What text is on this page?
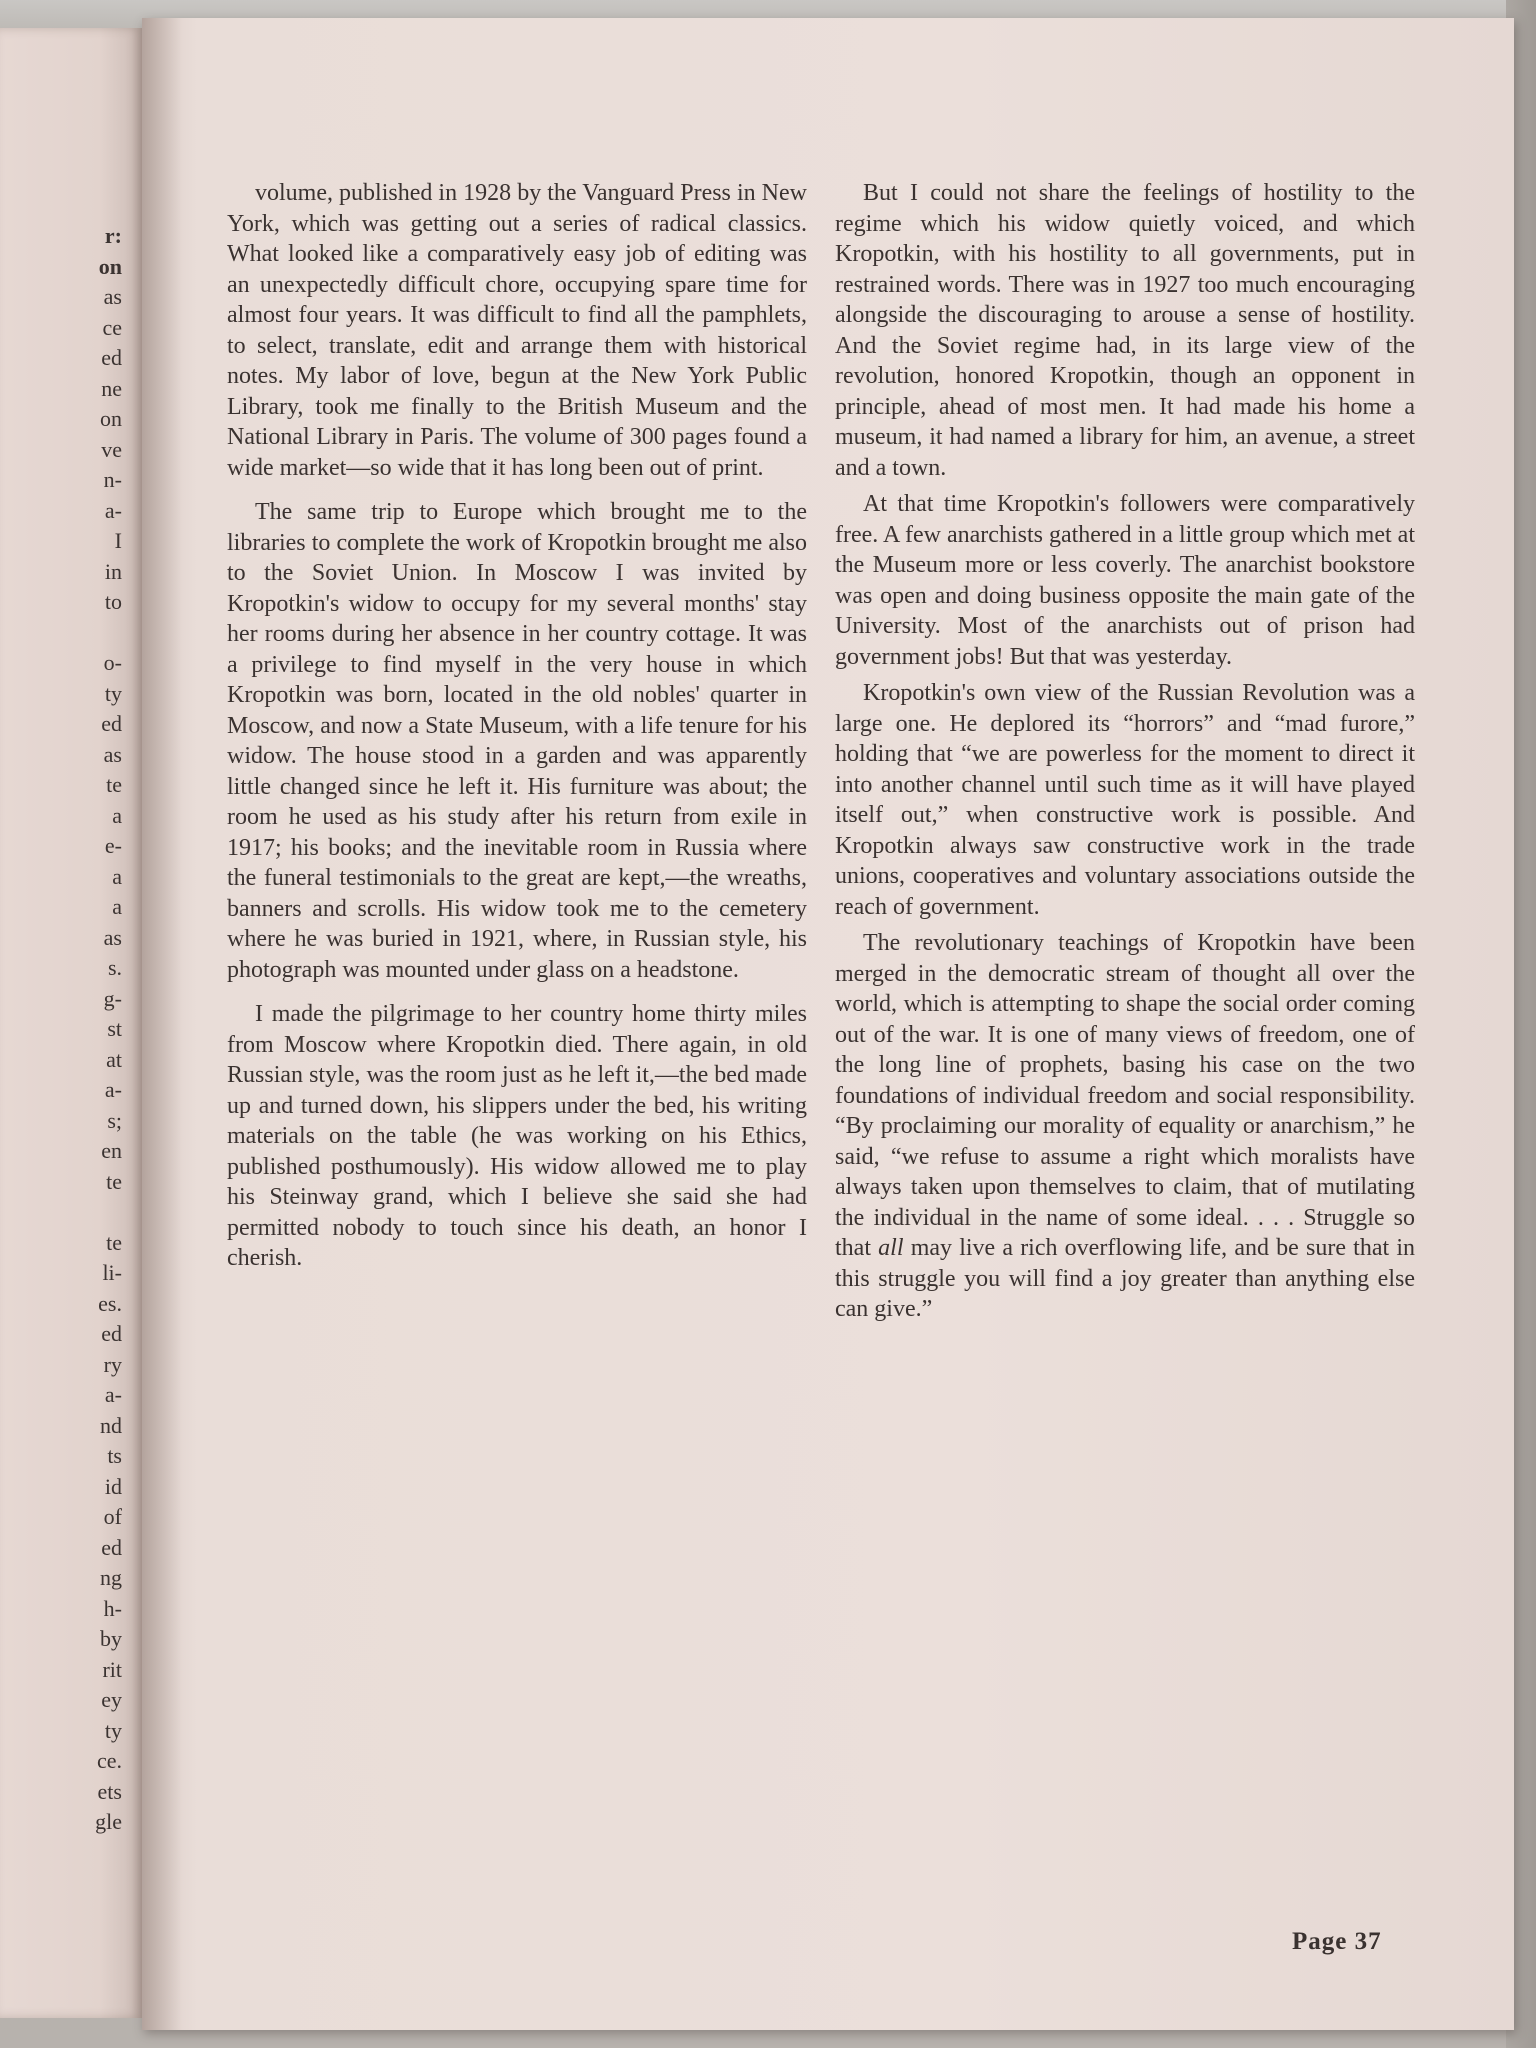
r:
on
as
ce
ed
ne
on
ve
n-
a-
I
in
to
o-
ty
ed
as
te
a
e-
a
a
as
s.
g-
st
at
a-
s;
en
te
te
li-
es.
ed
ry
a-
nd
ts
id
of
ed
ng
h-
by
rit
ey
ty
ce.
ets
gle

volume, published in 1928 by the Vanguard Press in New York, which was getting out a series of radical classics. What looked like a comparatively easy job of editing was an unexpectedly difficult chore, occupying spare time for almost four years. It was difficult to find all the pamphlets, to select, translate, edit and arrange them with historical notes. My labor of love, begun at the New York Public Library, took me finally to the British Museum and the National Library in Paris. The volume of 300 pages found a wide market—so wide that it has long been out of print.

The same trip to Europe which brought me to the libraries to complete the work of Kropotkin brought me also to the Soviet Union. In Moscow I was invited by Kropotkin's widow to occupy for my several months' stay her rooms during her absence in her country cottage. It was a privilege to find myself in the very house in which Kropotkin was born, located in the old nobles' quarter in Moscow, and now a State Museum, with a life tenure for his widow. The house stood in a garden and was apparently little changed since he left it. His furniture was about; the room he used as his study after his return from exile in 1917; his books; and the inevitable room in Russia where the funeral testimonials to the great are kept,—the wreaths, banners and scrolls. His widow took me to the cemetery where he was buried in 1921, where, in Russian style, his photograph was mounted under glass on a headstone.

I made the pilgrimage to her country home thirty miles from Moscow where Kropotkin died. There again, in old Russian style, was the room just as he left it,—the bed made up and turned down, his slippers under the bed, his writing materials on the table (he was working on his Ethics, published posthumously). His widow allowed me to play his Steinway grand, which I believe she said she had permitted nobody to touch since his death, an honor I cherish.

But I could not share the feelings of hostility to the regime which his widow quietly voiced, and which Kropotkin, with his hostility to all governments, put in restrained words. There was in 1927 too much encouraging alongside the discouraging to arouse a sense of hostility. And the Soviet regime had, in its large view of the revolution, honored Kropotkin, though an opponent in principle, ahead of most men. It had made his home a museum, it had named a library for him, an avenue, a street and a town.

At that time Kropotkin's followers were comparatively free. A few anarchists gathered in a little group which met at the Museum more or less coverly. The anarchist bookstore was open and doing business opposite the main gate of the University. Most of the anarchists out of prison had government jobs! But that was yesterday.

Kropotkin's own view of the Russian Revolution was a large one. He deplored its “horrors” and “mad furore,” holding that “we are powerless for the moment to direct it into another channel until such time as it will have played itself out,” when constructive work is possible. And Kropotkin always saw constructive work in the trade unions, cooperatives and voluntary associations outside the reach of government.

The revolutionary teachings of Kropotkin have been merged in the democratic stream of thought all over the world, which is attempting to shape the social order coming out of the war. It is one of many views of freedom, one of the long line of prophets, basing his case on the two foundations of individual freedom and social responsibility. “By proclaiming our morality of equality or anarchism,” he said, “we refuse to assume a right which moralists have always taken upon themselves to claim, that of mutilating the individual in the name of some ideal. . . . Struggle so that all may live a rich overflowing life, and be sure that in this struggle you will find a joy greater than anything else can give.”

Page 37
